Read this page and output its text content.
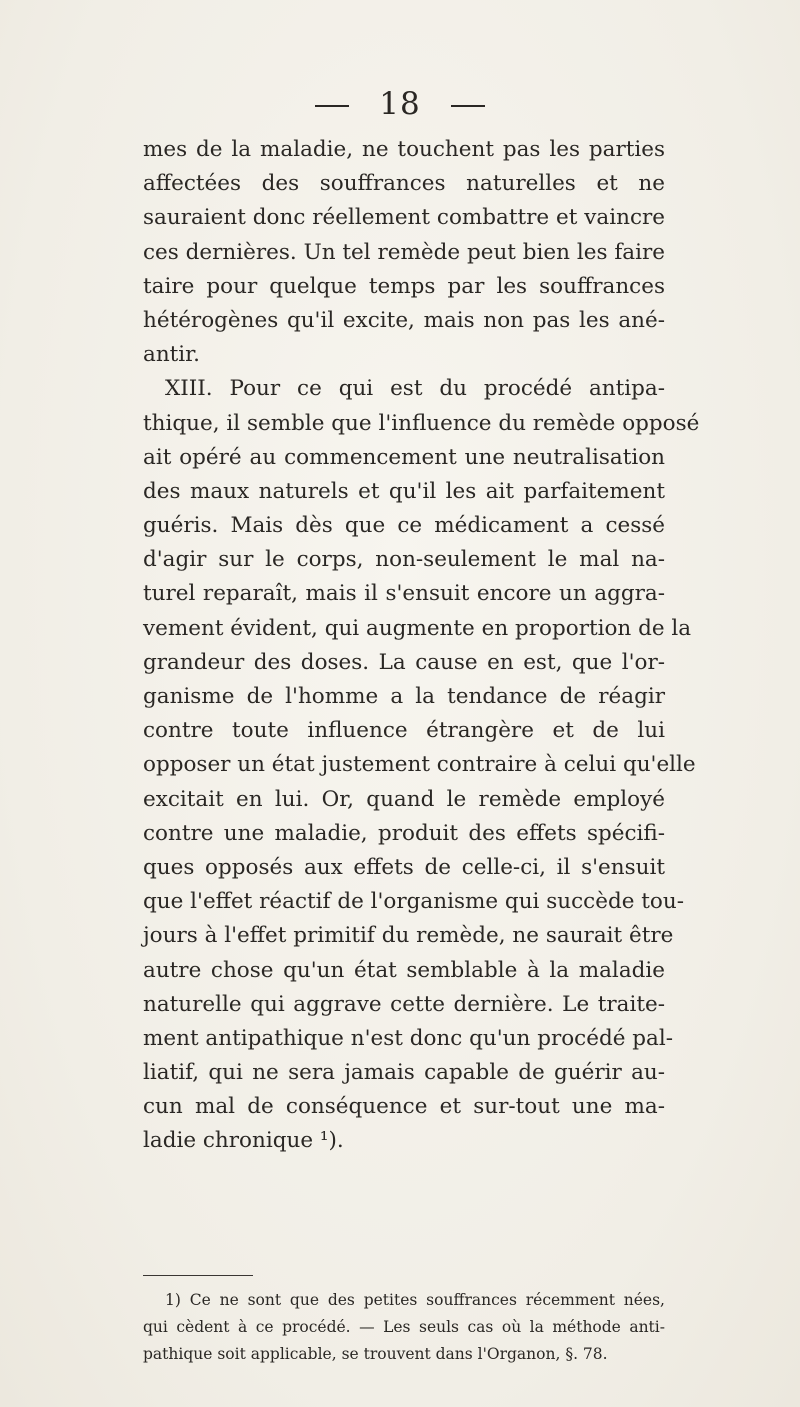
18
mes de la maladie, ne touchent pas les parties
affectées des souffrances naturelles et ne
sauraient donc réellement combattre et vaincre
ces dernières. Un tel remède peut bien les faire
taire pour quelque temps par les souffrances
hétérogènes qu'il excite, mais non pas les ané-
antir.
XIII. Pour ce qui est du procédé antipa-
thique, il semble que l'influence du remède opposé
ait opéré au commencement une neutralisation
des maux naturels et qu'il les ait parfaitement
guéris. Mais dès que ce médicament a cessé
d'agir sur le corps, non-seulement le mal na-
turel reparaît, mais il s'ensuit encore un aggra-
vement évident, qui augmente en proportion de la
grandeur des doses. La cause en est, que l'or-
ganisme de l'homme a la tendance de réagir
contre toute influence étrangère et de lui
opposer un état justement contraire à celui qu'elle
excitait en lui. Or, quand le remède employé
contre une maladie, produit des effets spécifi-
ques opposés aux effets de celle-ci, il s'ensuit
que l'effet réactif de l'organisme qui succède tou-
jours à l'effet primitif du remède, ne saurait être
autre chose qu'un état semblable à la maladie
naturelle qui aggrave cette dernière. Le traite-
ment antipathique n'est donc qu'un procédé pal-
liatif, qui ne sera jamais capable de guérir au-
cun mal de conséquence et sur-tout une ma-
ladie chronique ¹).
1) Ce ne sont que des petites souffrances récemment nées,
qui cèdent à ce procédé. — Les seuls cas où la méthode anti-
pathique soit applicable, se trouvent dans l'Organon, §. 78.
